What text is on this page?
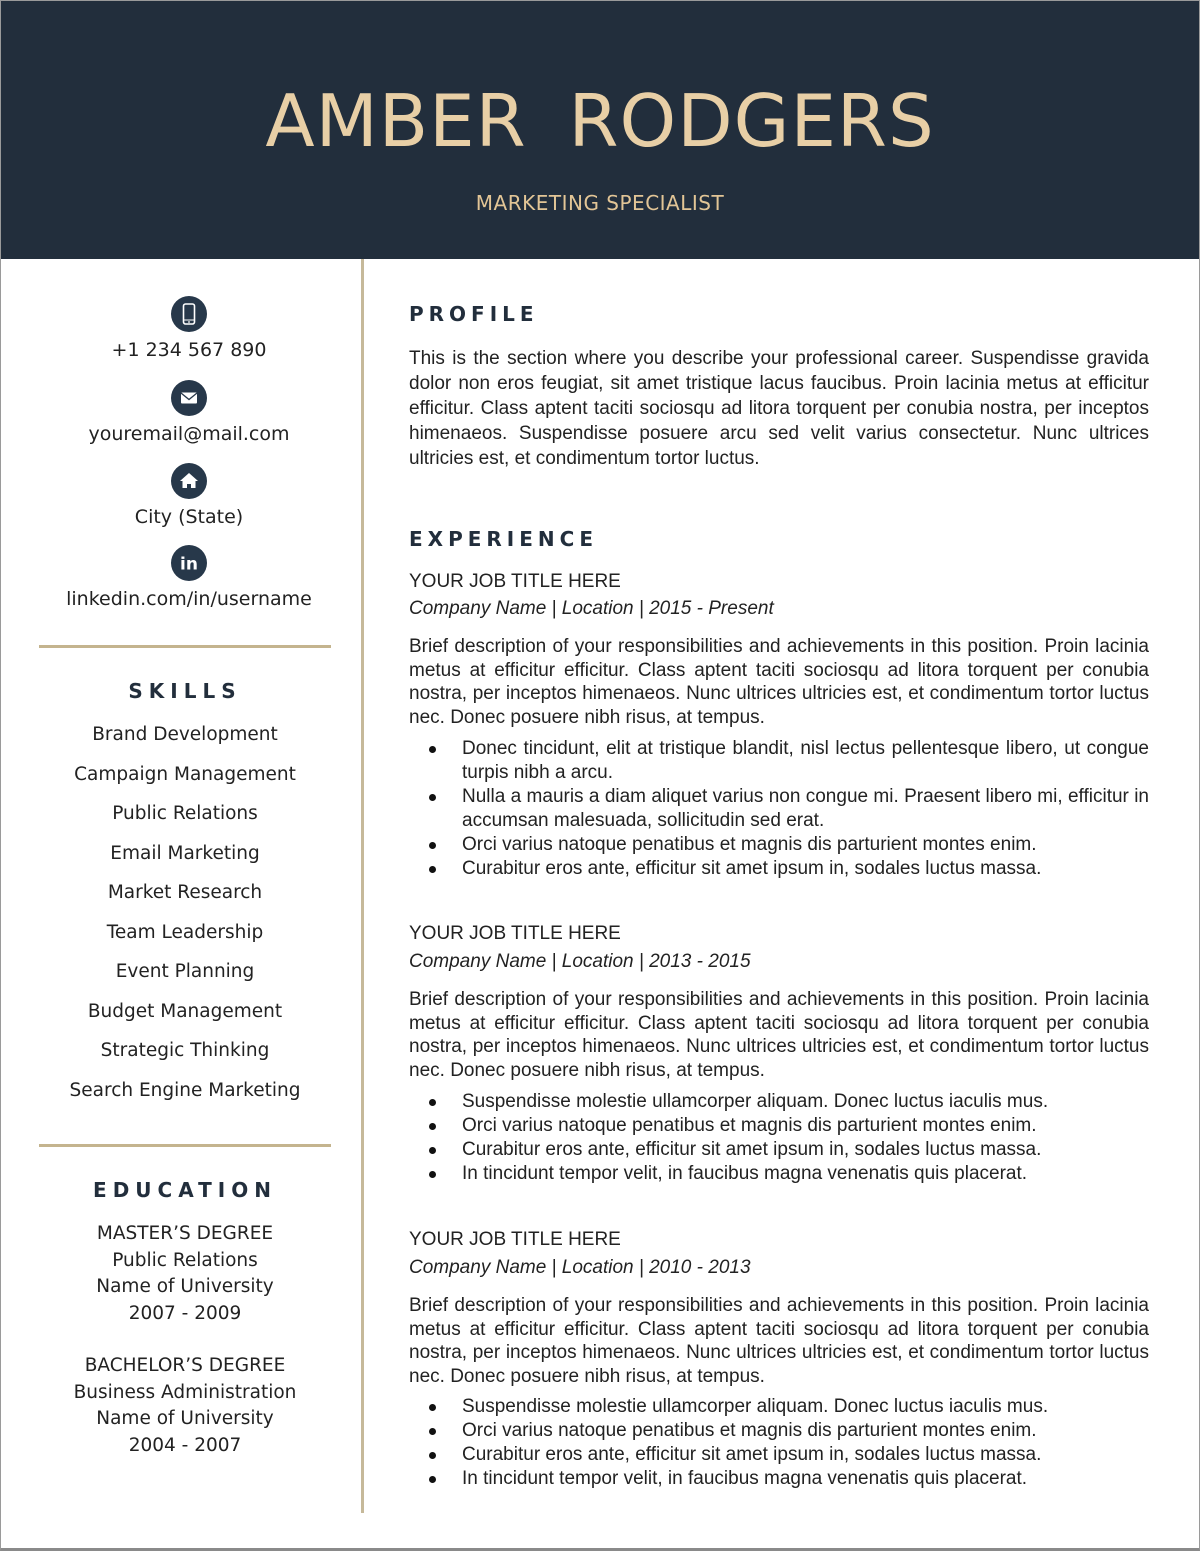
AMBER RODGERS
MARKETING SPECIALIST
+1 234 567 890
youremail@mail.com
City (State)
in
linkedin.com/in/username
SKILLS
Brand Development
Campaign Management
Public Relations
Email Marketing
Market Research
Team Leadership
Event Planning
Budget Management
Strategic Thinking
Search Engine Marketing
EDUCATION
MASTER’S DEGREE
Public Relations
Name of University
2007 - 2009
BACHELOR’S DEGREE
Business Administration
Name of University
2004 - 2007
PROFILE
This is the section where you describe your professional career. Suspendisse gravida dolor non eros feugiat, sit amet tristique lacus faucibus. Proin lacinia metus at efficitur efficitur. Class aptent taciti sociosqu ad litora torquent per conubia nostra, per inceptos himenaeos. Suspendisse posuere arcu sed velit varius consectetur. Nunc ultrices ultricies est, et condimentum tortor luctus.
EXPERIENCE
YOUR JOB TITLE HERE
Company Name | Location | 2015 - Present
Brief description of your responsibilities and achievements in this position. Proin lacinia metus at efficitur efficitur. Class aptent taciti sociosqu ad litora torquent per conubia nostra, per inceptos himenaeos. Nunc ultrices ultricies est, et condimentum tortor luctus nec. Donec posuere nibh risus, at tempus.
Donec tincidunt, elit at tristique blandit, nisl lectus pellentesque libero, ut congue turpis nibh a arcu.
Nulla a mauris a diam aliquet varius non congue mi. Praesent libero mi, efficitur in accumsan malesuada, sollicitudin sed erat.
Orci varius natoque penatibus et magnis dis parturient montes enim.
Curabitur eros ante, efficitur sit amet ipsum in, sodales luctus massa.
YOUR JOB TITLE HERE
Company Name | Location | 2013 - 2015
Brief description of your responsibilities and achievements in this position. Proin lacinia metus at efficitur efficitur. Class aptent taciti sociosqu ad litora torquent per conubia nostra, per inceptos himenaeos. Nunc ultrices ultricies est, et condimentum tortor luctus nec. Donec posuere nibh risus, at tempus.
Suspendisse molestie ullamcorper aliquam. Donec luctus iaculis mus.
Orci varius natoque penatibus et magnis dis parturient montes enim.
Curabitur eros ante, efficitur sit amet ipsum in, sodales luctus massa.
In tincidunt tempor velit, in faucibus magna venenatis quis placerat.
YOUR JOB TITLE HERE
Company Name | Location | 2010 - 2013
Brief description of your responsibilities and achievements in this position. Proin lacinia metus at efficitur efficitur. Class aptent taciti sociosqu ad litora torquent per conubia nostra, per inceptos himenaeos. Nunc ultrices ultricies est, et condimentum tortor luctus nec. Donec posuere nibh risus, at tempus.
Suspendisse molestie ullamcorper aliquam. Donec luctus iaculis mus.
Orci varius natoque penatibus et magnis dis parturient montes enim.
Curabitur eros ante, efficitur sit amet ipsum in, sodales luctus massa.
In tincidunt tempor velit, in faucibus magna venenatis quis placerat.
